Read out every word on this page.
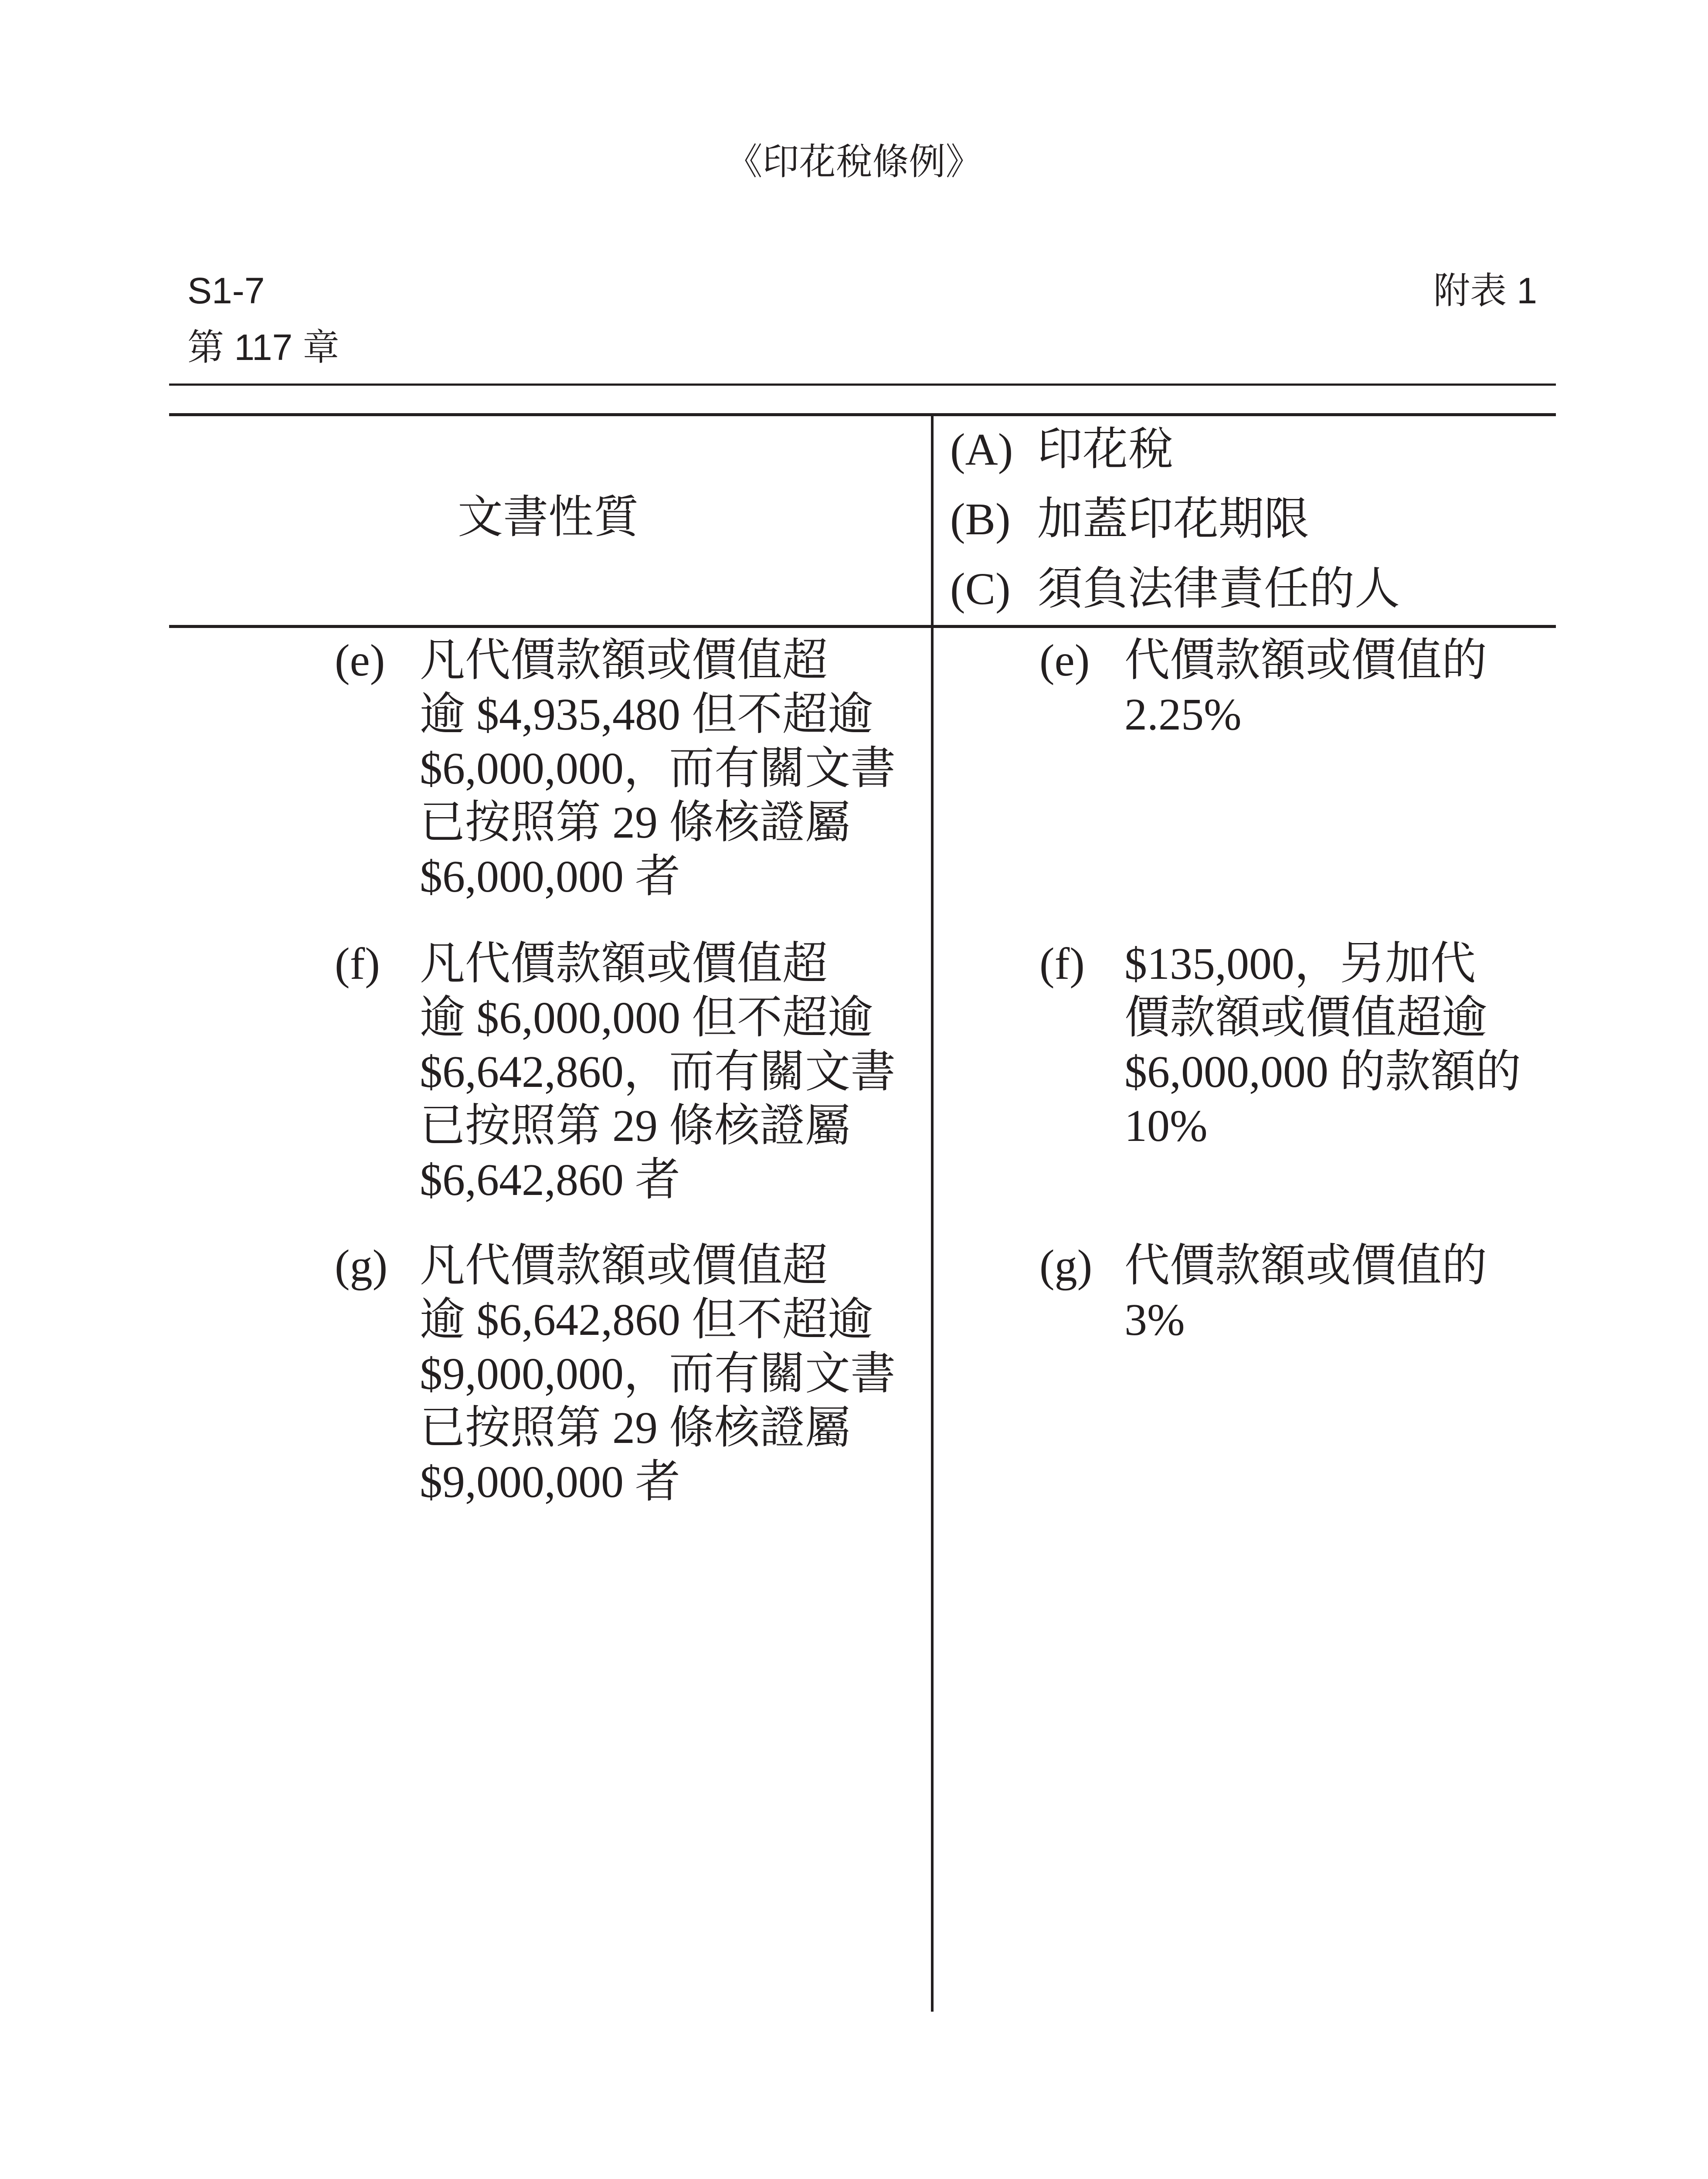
《印花稅條例》
S1-7
第 117 章
附表 1
文書性質
(A) 印花稅
(B) 加蓋印花期限
(C) 須負法律責任的人
(e) 凡代價款額或價值超
逾 $4,935,480 但不超逾
$6,000,000，而有關文書
已按照第 29 條核證屬
$6,000,000 者
(e) 代價款額或價值的
2.25%
(f) 凡代價款額或價值超
逾 $6,000,000 但不超逾
$6,642,860，而有關文書
已按照第 29 條核證屬
$6,642,860 者
(f) $135,000，另加代
價款額或價值超逾
$6,000,000 的款額的
10%
(g) 凡代價款額或價值超
逾 $6,642,860 但不超逾
$9,000,000，而有關文書
已按照第 29 條核證屬
$9,000,000 者
(g) 代價款額或價值的
3%
